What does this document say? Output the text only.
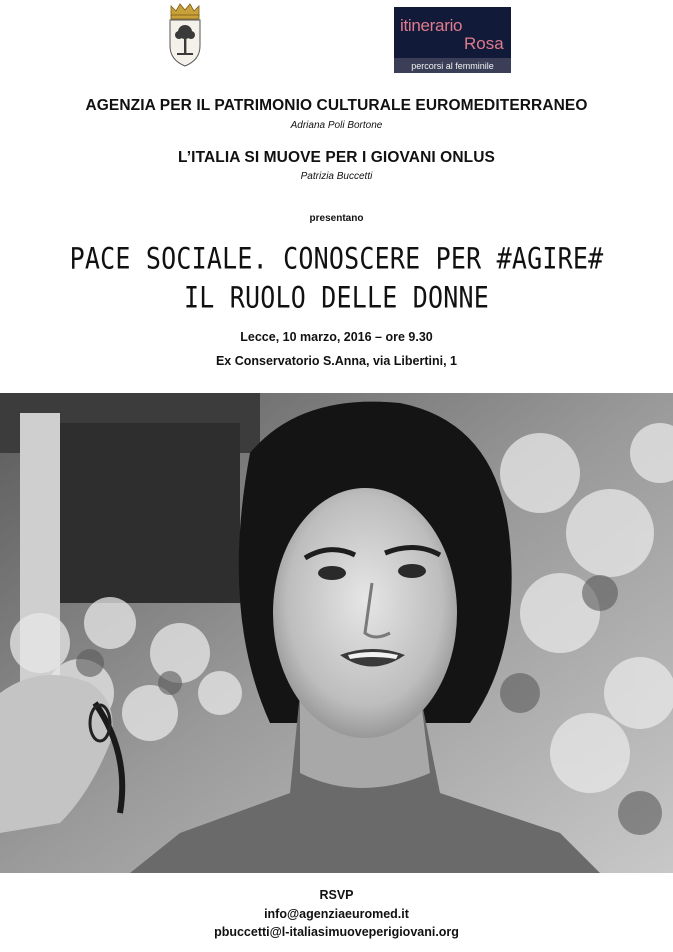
itinerario
Rosa
percorsi al femminile
AGENZIA PER IL PATRIMONIO CULTURALE EUROMEDITERRANEO
Adriana Poli Bortone
L’ITALIA SI MUOVE PER I GIOVANI ONLUS
Patrizia Buccetti
presentano
PACE SOCIALE. CONOSCERE PER #AGIRE#
IL RUOLO DELLE DONNE
Lecce, 10 marzo, 2016 – ore 9.30
Ex Conservatorio S.Anna, via Libertini, 1
RSVP
info@agenziaeuromed.it
pbuccetti@l-italiasimuoveperigiovani.org
